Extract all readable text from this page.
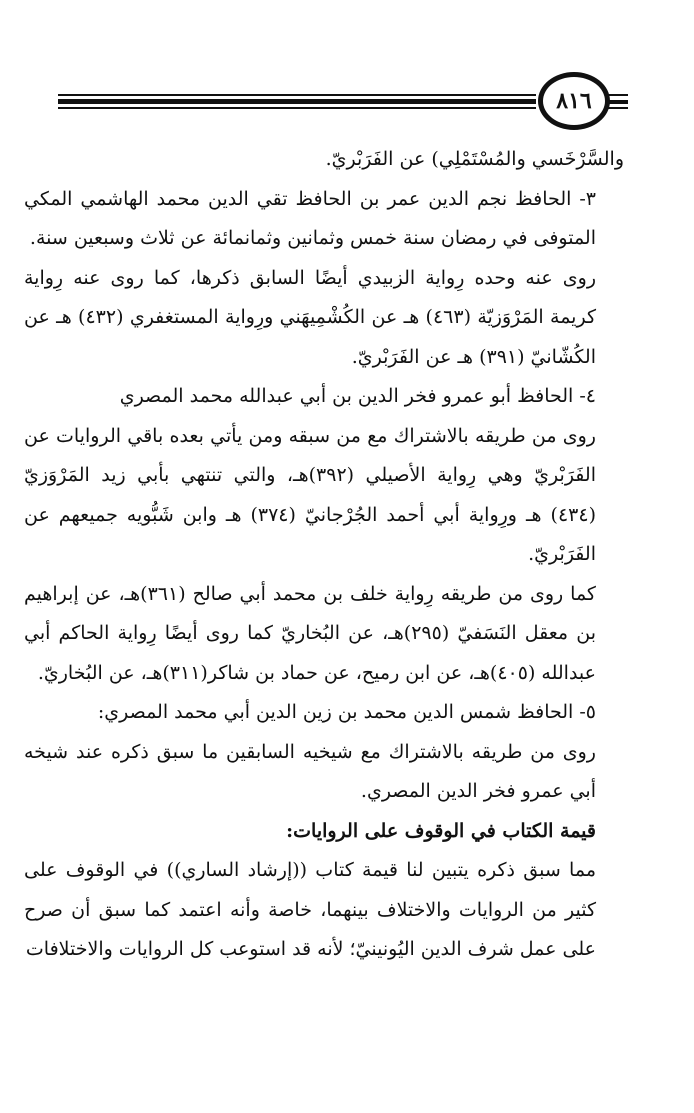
٨١٦

والسَّرْخَسي والمُسْتَمْلِي) عن الفَرَبْريّ.

٣- الحافظ نجم الدين عمر بن الحافظ تقي الدين محمد الهاشمي المكي المتوفى في رمضان سنة خمس وثمانين وثمانمائة عن ثلاث وسبعين سنة.

روى عنه وحده رِواية الزبيدي أيضًا السابق ذكرها، كما روى عنه رِواية كريمة المَرْوَزيّة (٤٦٣) هـ عن الكُشْمِيهَني ورِواية المستغفري (٤٣٢) هـ عن الكُشّانيّ (٣٩١) هـ عن الفَرَبْريّ.

٤- الحافظ أبو عمرو فخر الدين بن أبي عبدالله محمد المصري

روى من طريقه بالاشتراك مع من سبقه ومن يأتي بعده باقي الروايات عن الفَرَبْريّ وهي رِواية الأصيلي (٣٩٢)هـ، والتي تنتهي بأبي زيد المَرْوَزيّ (٤٣٤) هـ ورِواية أبي أحمد الجُرْجانيّ (٣٧٤) هـ وابن شَبُّويه جميعهم عن الفَرَبْريّ.

كما روى من طريقه رِواية خلف بن محمد أبي صالح (٣٦١)هـ، عن إبراهيم بن معقل النَسَفيّ (٢٩٥)هـ، عن البُخاريّ كما روى أيضًا رِواية الحاكم أبي عبدالله (٤٠٥)هـ، عن ابن رميح، عن حماد بن شاكر(٣١١)هـ، عن البُخاريّ.

٥- الحافظ شمس الدين محمد بن زين الدين أبي محمد المصري:

روى من طريقه بالاشتراك مع شيخيه السابقين ما سبق ذكره عند شيخه أبي عمرو فخر الدين المصري.

قيمة الكتاب في الوقوف على الروايات:

مما سبق ذكره يتبين لنا قيمة كتاب ((إرشاد الساري)) في الوقوف على كثير من الروايات والاختلاف بينهما، خاصة وأنه اعتمد كما سبق أن صرح على عمل شرف الدين اليُونينيّ؛ لأنه قد استوعب كل الروايات والاختلافات
